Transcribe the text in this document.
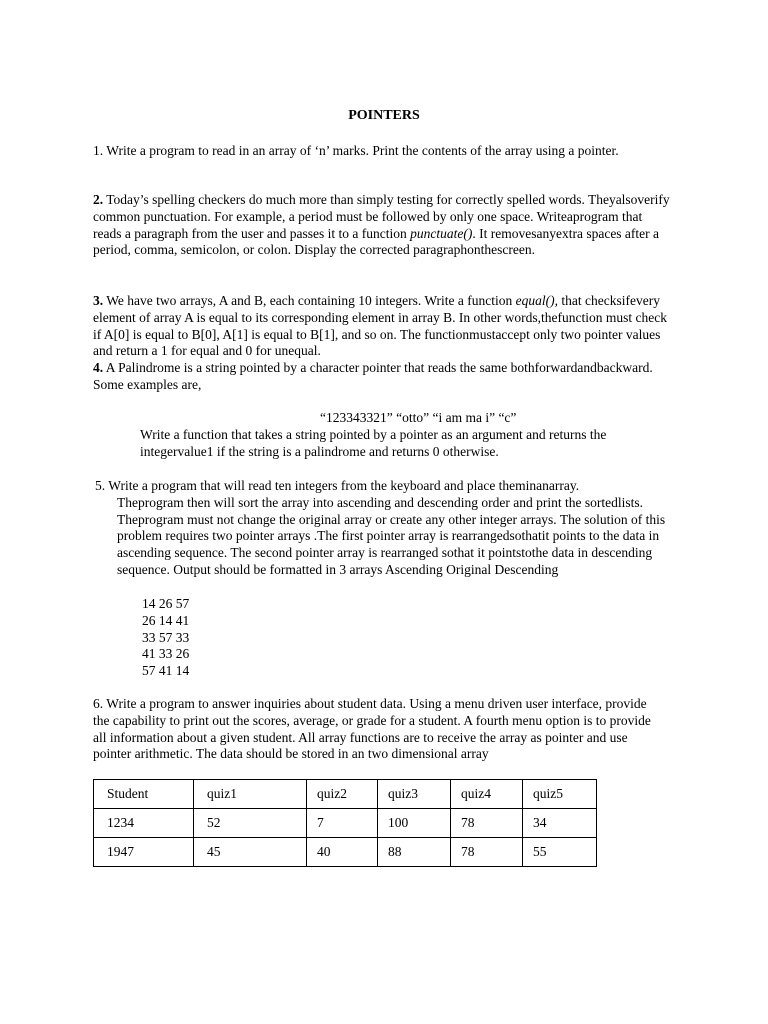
POINTERS
1. Write a program to read in an array of ‘n’ marks. Print the contents of the array using a pointer.
2. Today’s spelling checkers do much more than simply testing for correctly spelled words. Theyalsoverify common punctuation. For example, a period must be followed by only one space. Writeaprogram that reads a paragraph from the user and passes it to a function punctuate(). It removesanyextra spaces after a period, comma, semicolon, or colon. Display the corrected paragraphonthescreen.
3. We have two arrays, A and B, each containing 10 integers. Write a function equal(), that checksifevery element of array A is equal to its corresponding element in array B. In other words,thefunction must check if A[0] is equal to B[0], A[1] is equal to B[1], and so on. The functionmustaccept only two pointer values and return a 1 for equal and 0 for unequal.
4. A Palindrome is a string pointed by a character pointer that reads the same bothforwardandbackward. Some examples are,
“123343321” “otto” “i am ma i” “c”
Write a function that takes a string pointed by a pointer as an argument and returns the integervalue1 if the string is a palindrome and returns 0 otherwise.
5. Write a program that will read ten integers from the keyboard and place theminanarray.
Theprogram then will sort the array into ascending and descending order and print the sortedlists. Theprogram must not change the original array or create any other integer arrays. The solution of this problem requires two pointer arrays .The first pointer array is rearrangedsothatit points to the data in ascending sequence. The second pointer array is rearranged sothat it pointstothe data in descending sequence. Output should be formatted in 3 arrays Ascending Original Descending
14 26 57
26 14 41
33 57 33
41 33 26
57 41 14
6. Write a program to answer inquiries about student data. Using a menu driven user interface, provide the capability to print out the scores, average, or grade for a student. A fourth menu option is to provide all information about a given student. All array functions are to receive the array as pointer and use pointer arithmetic. The data should be stored in an two dimensional array
Student	quiz1	quiz2	quiz3	quiz4	quiz5
1234	52	7	100	78	34
1947	45	40	88	78	55
